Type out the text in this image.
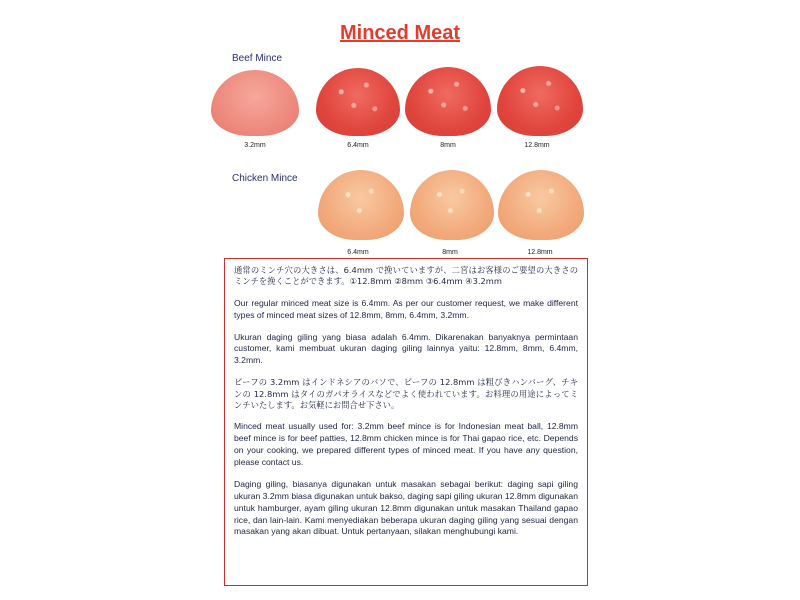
Minced Meat
Beef Mince
3.2mm	6.4mm	8mm	12.8mm
Chicken Mince
6.4mm	8mm	12.8mm

通常のミンチ穴の大きさは、6.4mm で挽いていますが、二宮はお客様のご要望の大きさのミンチを挽くことができます。①12.8mm ②8mm ③6.4mm ④3.2mm

Our regular minced meat size is 6.4mm. As per our customer request, we make different types of minced meat sizes of 12.8mm, 8mm, 6.4mm, 3.2mm.

Ukuran daging giling yang biasa adalah 6.4mm. Dikarenakan banyaknya permintaan customer, kami membuat ukuran daging giling lainnya yaitu: 12.8mm, 8mm, 6.4mm, 3.2mm.

ビーフの 3.2mm はインドネシアのバソで、ビーフの 12.8mm は粗びきハンバーグ、チキンの 12.8mm はタイのガパオライスなどでよく使われています。お料理の用途によってミンチいたします。お気軽にお問合せ下さい。

Minced meat usually used for: 3.2mm beef mince is for Indonesian meat ball, 12.8mm beef mince is for beef patties, 12.8mm chicken mince is for Thai gapao rice, etc. Depends on your cooking, we prepared different types of minced meat. If you have any question, please contact us.

Daging giling, biasanya digunakan untuk masakan sebagai berikut: daging sapi giling ukuran 3.2mm biasa digunakan untuk bakso, daging sapi giling ukuran 12.8mm digunakan untuk hamburger, ayam giling ukuran 12.8mm digunakan untuk masakan Thailand gapao rice, dan lain-lain. Kami menyediakan beberapa ukuran daging giling yang sesuai dengan masakan yang akan dibuat. Untuk pertanyaan, silakan menghubungi kami.
